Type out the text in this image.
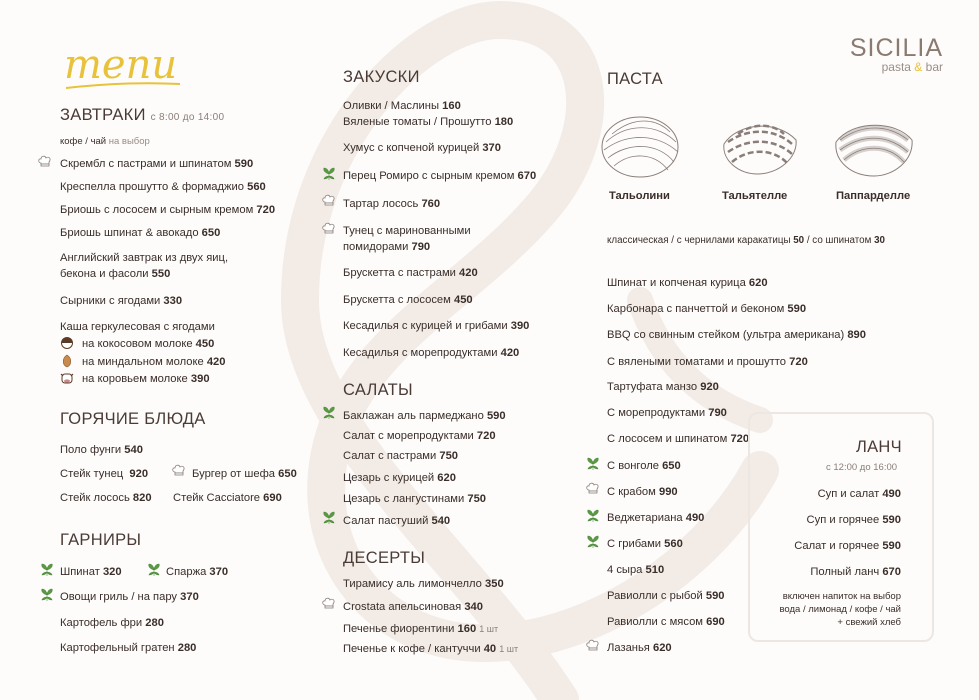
menu	SICILIA
pasta & bar
ЗАВТРАКИ с 8:00 до 14:00
кофе / чай на выбор
Скрембл с пастрами и шпинатом 590
Креспелла прошутто & формаджио 560
Бриошь с лососем и сырным кремом 720
Бриошь шпинат & авокадо 650
Английский завтрак из двух яиц,
бекона и фасоли 550
Сырники с ягодами 330
Каша геркулесовая с ягодами
на кокосовом молоке 450
на миндальном молоке 420
на коровьем молоке 390
ГОРЯЧИЕ БЛЮДА
Поло фунги 540
Стейк тунец 920	Бургер от шефа 650
Стейк лосось 820 Стейк Cacciatore 690
ГАРНИРЫ
Шпинат 320	Спаржа 370
Овощи гриль / на пару 370
Картофель фри 280
Картофельный гратен 280
ЗАКУСКИ
Оливки / Маслины 160
Вяленые томаты / Прошутто 180
Хумус с копченой курицей 370
Перец Ромиро с сырным кремом 670
Тартар лосось 760
Тунец с маринованными
помидорами 790
Брускетта с пастрами 420
Брускетта с лососем 450
Кесадилья с курицей и грибами 390
Кесадилья с морепродуктами 420
САЛАТЫ
Баклажан аль пармеджано 590
Салат с морепродуктами 720
Салат с пастрами 750
Цезарь с курицей 620
Цезарь с лангустинами 750
Салат пастуший 540
ДЕСЕРТЫ
Тирамису аль лимончелло 350
Crostata апельсиновая 340
Печенье фиорентини 160 1 шт
Печенье к кофе / кантуччи 40 1 шт
ПАСТА
Тальолини	Тальятелле	Паппарделле
классическая / с чернилами каракатицы 50 / со шпинатом 30
Шпинат и копченая курица 620
Карбонара с панчеттой и беконом 590
BBQ со свинным стейком (ультра американа) 890
С вялеными томатами и прошутто 720
Тартуфата манзо 920
С морепродуктами 790
С лососем и шпинатом 720
С вонголе 650
С крабом 990
Веджетариана 490
С грибами 560
4 сыра 510
Равиолли с рыбой 590
Равиолли с мясом 690
Лазанья 620
ЛАНЧ
с 12:00 до 16:00
Суп и салат 490
Суп и горячее 590
Салат и горячее 590
Полный ланч 670
включен напиток на выбор
вода / лимонад / кофе / чай
+ свежий хлеб
